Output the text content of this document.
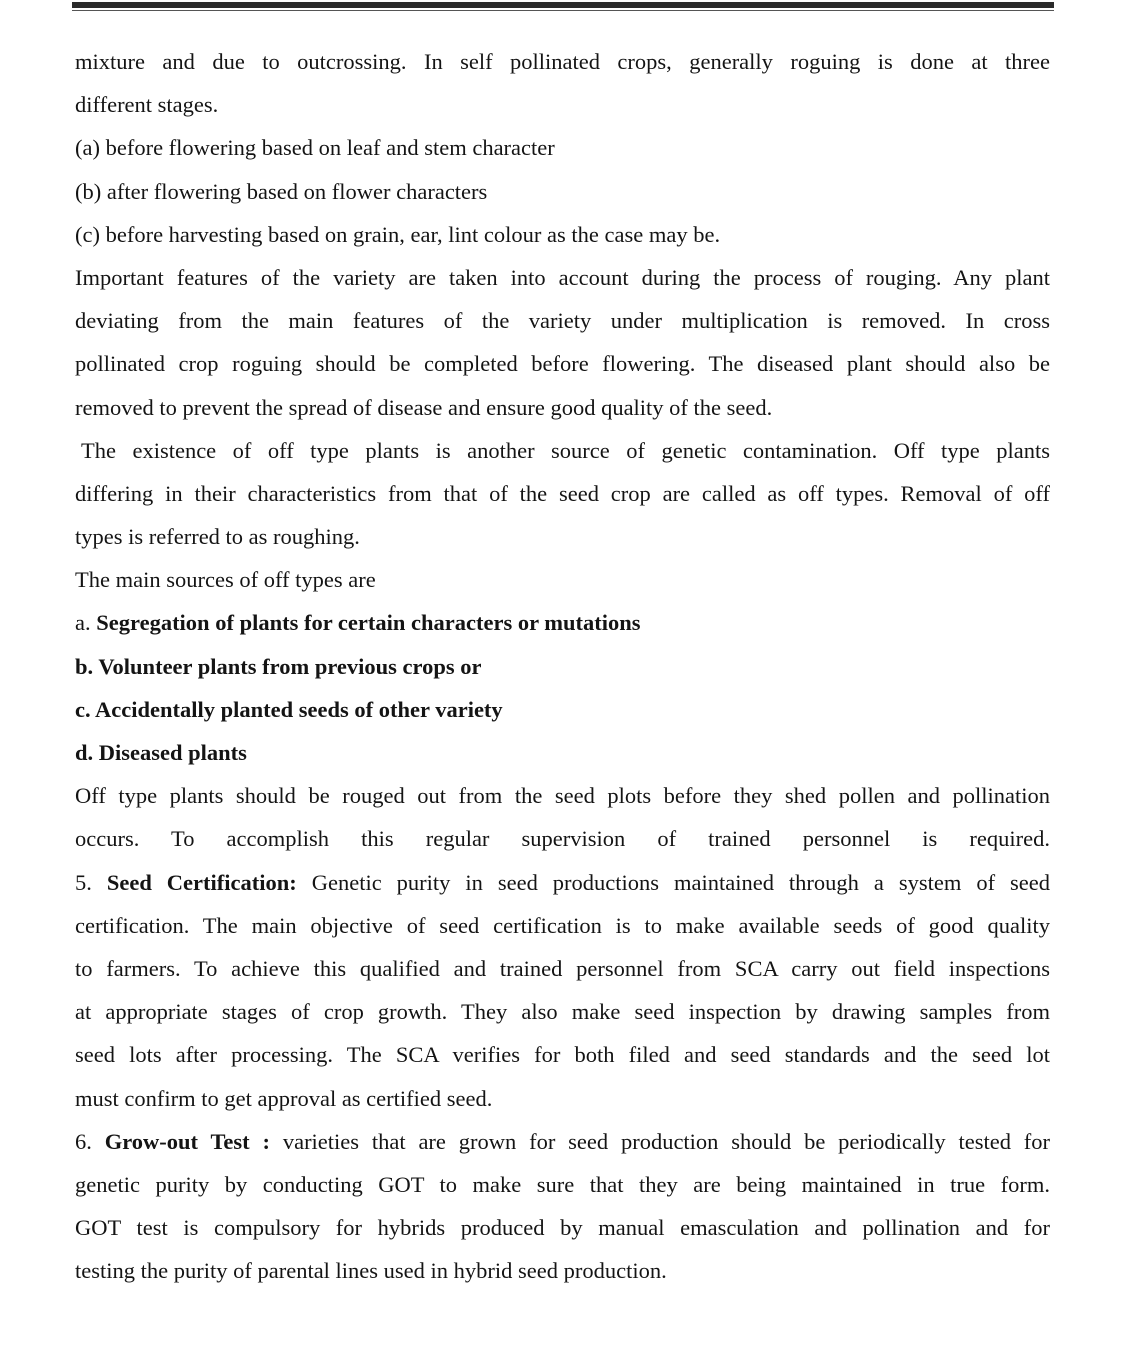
mixture and due to outcrossing. In self pollinated crops, generally roguing is done at three
different stages.
(a) before flowering based on leaf and stem character
(b) after flowering based on flower characters
(c) before harvesting based on grain, ear, lint colour as the case may be.
Important features of the variety are taken into account during the process of rouging. Any plant
deviating from the main features of the variety under multiplication is removed. In cross
pollinated crop roguing should be completed before flowering. The diseased plant should also be
removed to prevent the spread of disease and ensure good quality of the seed.
The existence of off type plants is another source of genetic contamination. Off type plants
differing in their characteristics from that of the seed crop are called as off types. Removal of off
types is referred to as roughing.
The main sources of off types are
a. Segregation of plants for certain characters or mutations
b. Volunteer plants from previous crops or
c. Accidentally planted seeds of other variety
d. Diseased plants
Off type plants should be rouged out from the seed plots before they shed pollen and pollination
occurs. To accomplish this regular supervision of trained personnel is required.
5. Seed Certification: Genetic purity in seed productions maintained through a system of seed
certification. The main objective of seed certification is to make available seeds of good quality
to farmers. To achieve this qualified and trained personnel from SCA carry out field inspections
at appropriate stages of crop growth. They also make seed inspection by drawing samples from
seed lots after processing. The SCA verifies for both filed and seed standards and the seed lot
must confirm to get approval as certified seed.
6. Grow-out Test : varieties that are grown for seed production should be periodically tested for
genetic purity by conducting GOT to make sure that they are being maintained in true form.
GOT test is compulsory for hybrids produced by manual emasculation and pollination and for
testing the purity of parental lines used in hybrid seed production.
